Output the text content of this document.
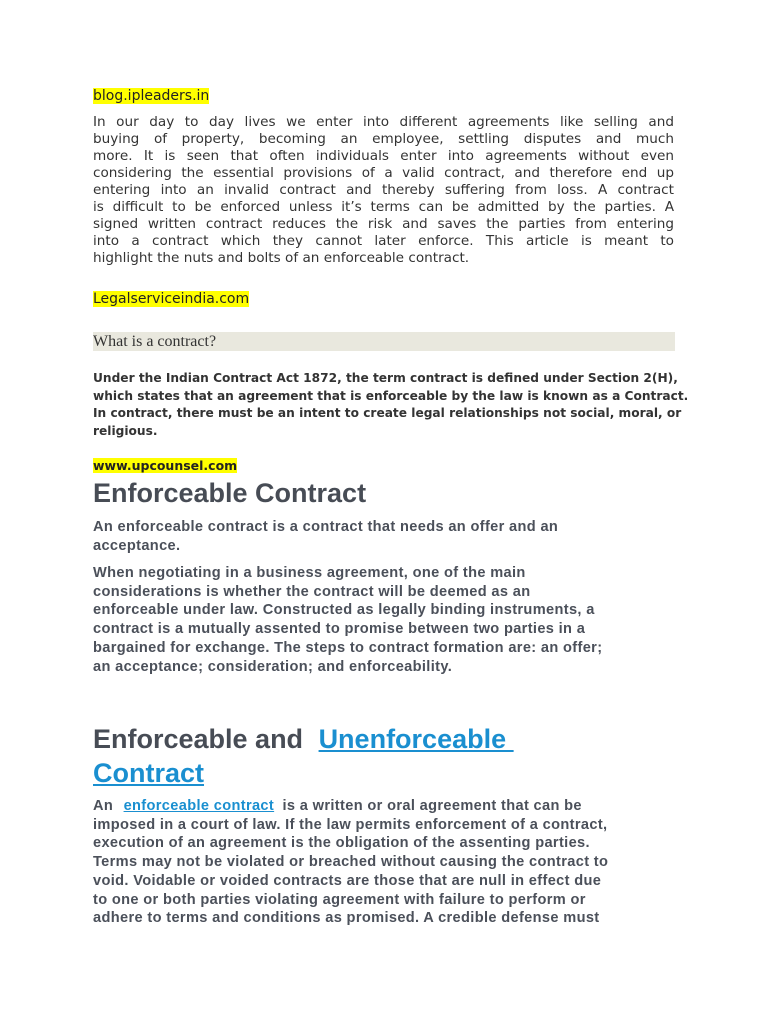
blog.ipleaders.in
In our day to day lives we enter into different agreements like selling and
buying of property, becoming an employee, settling disputes and much
more. It is seen that often individuals enter into agreements without even
considering the essential provisions of a valid contract, and therefore end up
entering into an invalid contract and thereby suffering from loss. A contract
is difficult to be enforced unless it’s terms can be admitted by the parties. A
signed written contract reduces the risk and saves the parties from entering
into a contract which they cannot later enforce. This article is meant to
highlight the nuts and bolts of an enforceable contract.
Legalserviceindia.com
What is a contract?
Under the Indian Contract Act 1872, the term contract is defined under Section 2(H),
which states that an agreement that is enforceable by the law is known as a Contract.
In contract, there must be an intent to create legal relationships not social, moral, or
religious.
www.upcounsel.com
Enforceable Contract
An enforceable contract is a contract that needs an offer and an
acceptance.
When negotiating in a business agreement, one of the main
considerations is whether the contract will be deemed as an
enforceable under law. Constructed as legally binding instruments, a
contract is a mutually assented to promise between two parties in a
bargained for exchange. The steps to contract formation are: an offer;
an acceptance; consideration; and enforceability.
Enforceable and Unenforceable
Contract
An enforceable contract is a written or oral agreement that can be
imposed in a court of law. If the law permits enforcement of a contract,
execution of an agreement is the obligation of the assenting parties.
Terms may not be violated or breached without causing the contract to
void. Voidable or voided contracts are those that are null in effect due
to one or both parties violating agreement with failure to perform or
adhere to terms and conditions as promised. A credible defense must
